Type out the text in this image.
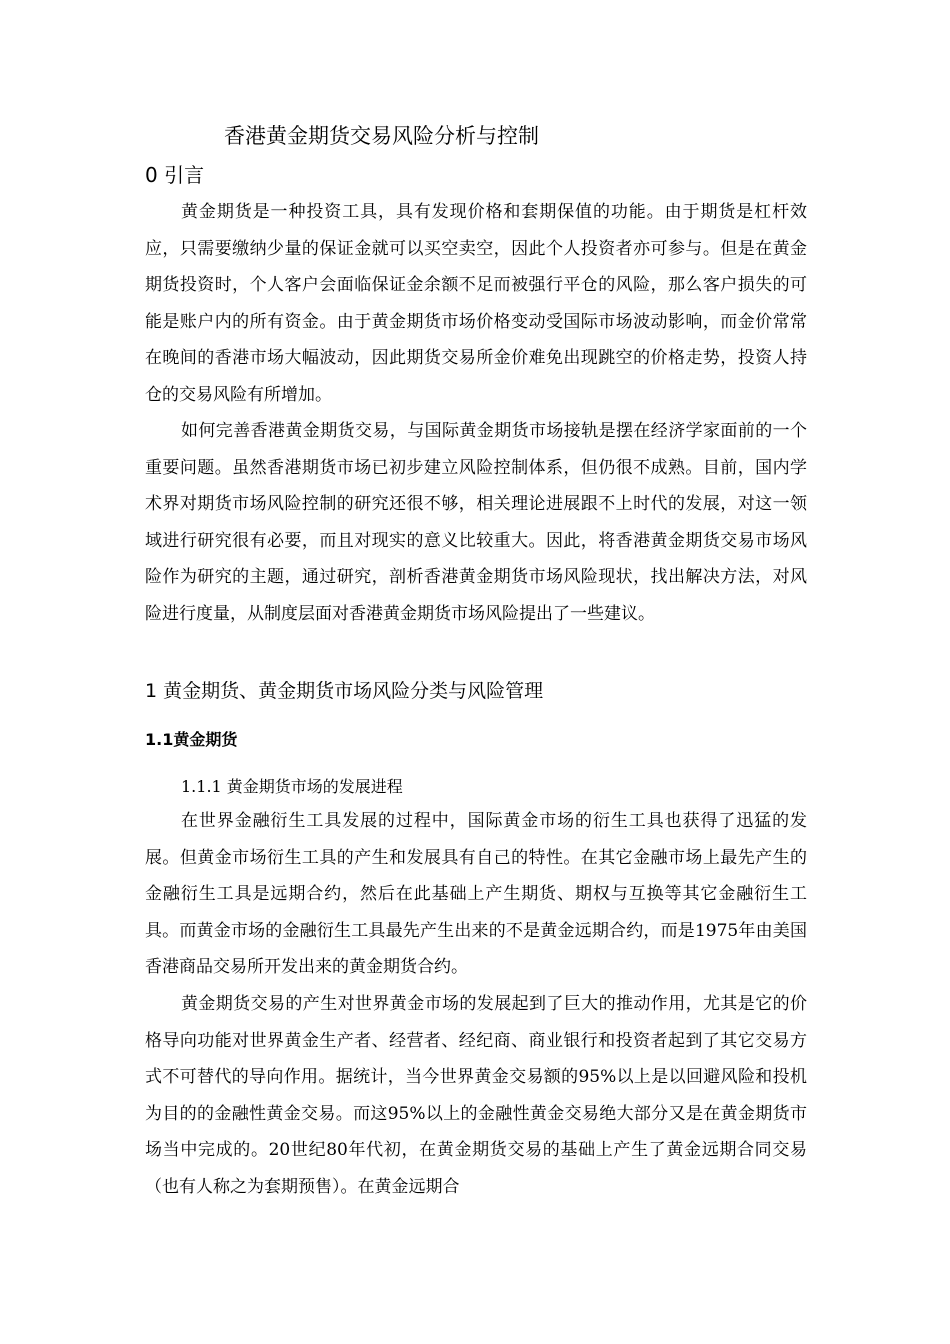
香港黄金期货交易风险分析与控制
0 引言

黄金期货是一种投资工具，具有发现价格和套期保值的功能。由于期货是杠杆效应，只需要缴纳少量的保证金就可以买空卖空，因此个人投资者亦可参与。但是在黄金期货投资时，个人客户会面临保证金余额不足而被强行平仓的风险，那么客户损失的可能是账户内的所有资金。由于黄金期货市场价格变动受国际市场波动影响，而金价常常在晚间的香港市场大幅波动，因此期货交易所金价难免出现跳空的价格走势，投资人持仓的交易风险有所增加。

如何完善香港黄金期货交易，与国际黄金期货市场接轨是摆在经济学家面前的一个重要问题。虽然香港期货市场已初步建立风险控制体系，但仍很不成熟。目前，国内学术界对期货市场风险控制的研究还很不够，相关理论进展跟不上时代的发展，对这一领域进行研究很有必要，而且对现实的意义比较重大。因此，将香港黄金期货交易市场风险作为研究的主题，通过研究，剖析香港黄金期货市场风险现状，找出解决方法，对风险进行度量，从制度层面对香港黄金期货市场风险提出了一些建议。

1 黄金期货、黄金期货市场风险分类与风险管理
1.1黄金期货
1.1.1 黄金期货市场的发展进程

在世界金融衍生工具发展的过程中，国际黄金市场的衍生工具也获得了迅猛的发展。但黄金市场衍生工具的产生和发展具有自己的特性。在其它金融市场上最先产生的金融衍生工具是远期合约，然后在此基础上产生期货、期权与互换等其它金融衍生工具。而黄金市场的金融衍生工具最先产生出来的不是黄金远期合约，而是1975年由美国香港商品交易所开发出来的黄金期货合约。

黄金期货交易的产生对世界黄金市场的发展起到了巨大的推动作用，尤其是它的价格导向功能对世界黄金生产者、经营者、经纪商、商业银行和投资者起到了其它交易方式不可替代的导向作用。据统计，当今世界黄金交易额的95%以上是以回避风险和投机为目的的金融性黄金交易。而这95%以上的金融性黄金交易绝大部分又是在黄金期货市场当中完成的。20世纪80年代初，在黄金期货交易的基础上产生了黄金远期合同交易（也有人称之为套期预售）。在黄金远期合
